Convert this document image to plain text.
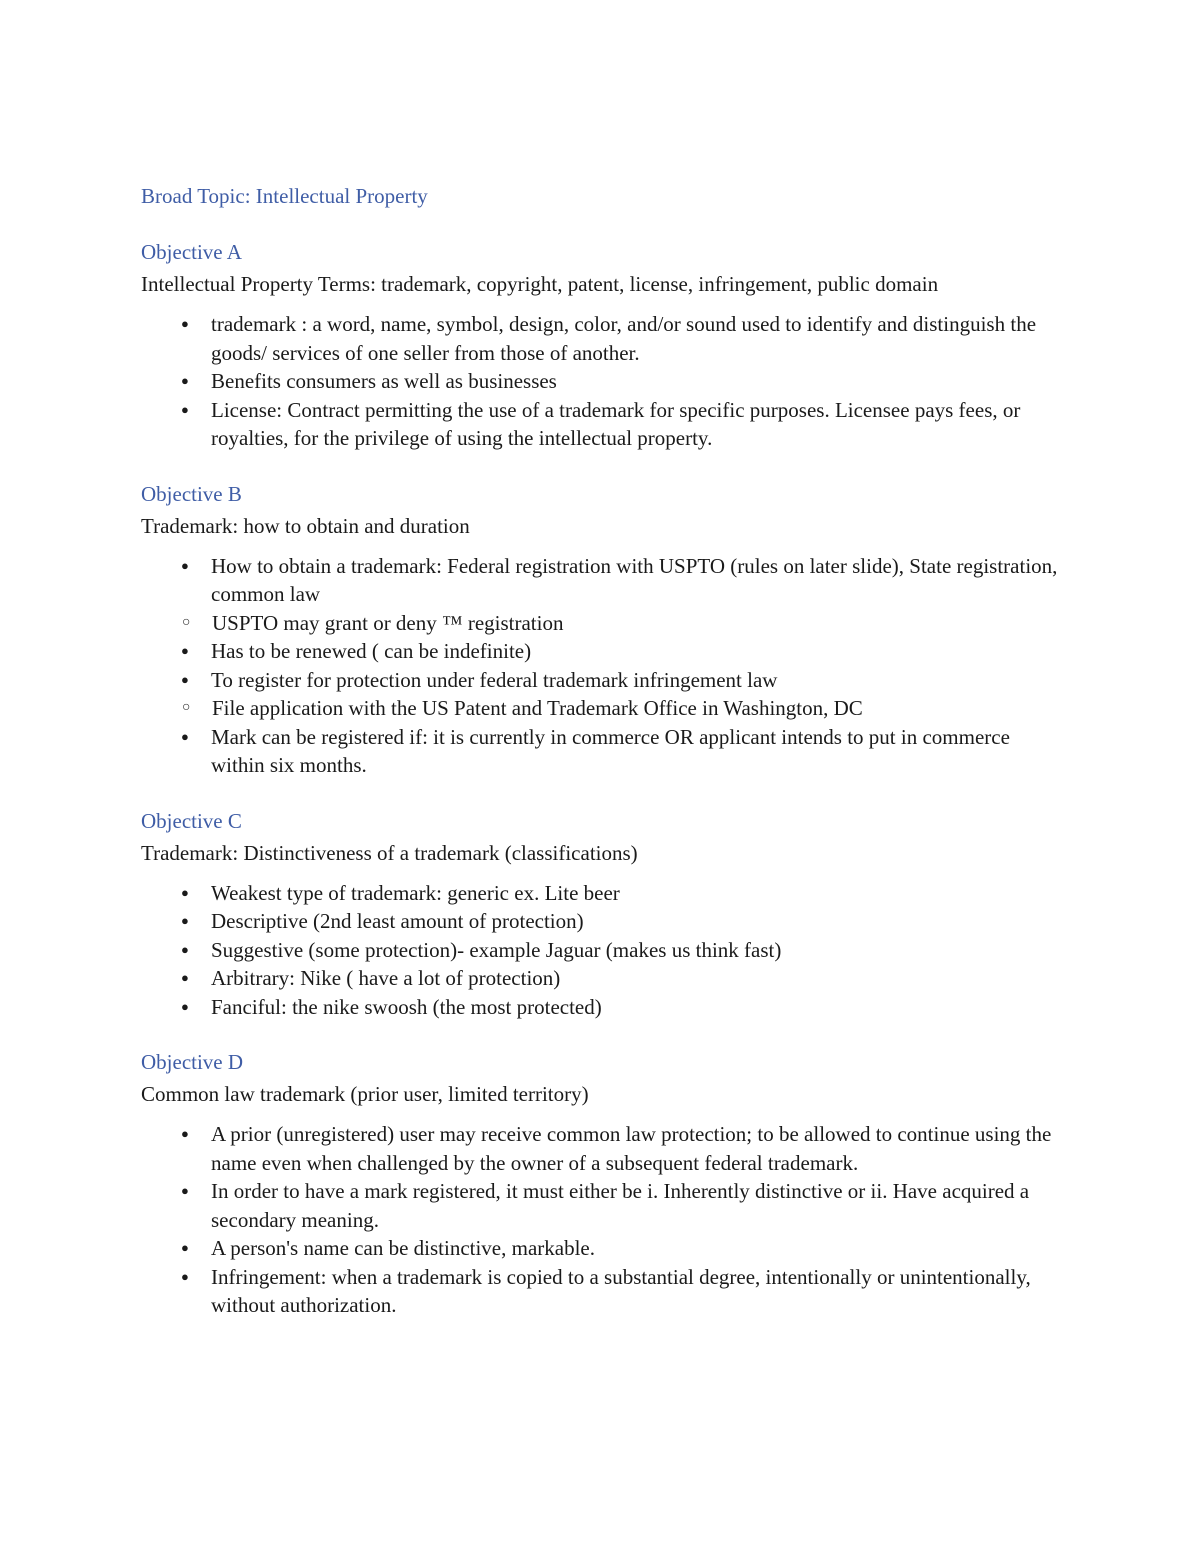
Broad Topic: Intellectual Property
Objective A
Intellectual Property Terms: trademark, copyright, patent, license, infringement, public domain
● trademark : a word, name, symbol, design, color, and/or sound used to identify and distinguish the goods/ services of one seller from those of another.
● Benefits consumers as well as businesses
● License: Contract permitting the use of a trademark for specific purposes. Licensee pays fees, or royalties, for the privilege of using the intellectual property.
Objective B
Trademark: how to obtain and duration
● How to obtain a trademark: Federal registration with USPTO (rules on later slide), State registration, common law
○ USPTO may grant or deny ™ registration
● Has to be renewed ( can be indefinite)
● To register for protection under federal trademark infringement law
○ File application with the US Patent and Trademark Office in Washington, DC
● Mark can be registered if: it is currently in commerce OR applicant intends to put in commerce within six months.
Objective C
Trademark: Distinctiveness of a trademark (classifications)
● Weakest type of trademark: generic ex. Lite beer
● Descriptive (2nd least amount of protection)
● Suggestive (some protection)- example Jaguar (makes us think fast)
● Arbitrary: Nike ( have a lot of protection)
● Fanciful: the nike swoosh (the most protected)
Objective D
Common law trademark (prior user, limited territory)
● A prior (unregistered) user may receive common law protection; to be allowed to continue using the name even when challenged by the owner of a subsequent federal trademark.
● In order to have a mark registered, it must either be i. Inherently distinctive or ii. Have acquired a secondary meaning.
● A person's name can be distinctive, markable.
● Infringement: when a trademark is copied to a substantial degree, intentionally or unintentionally, without authorization.
